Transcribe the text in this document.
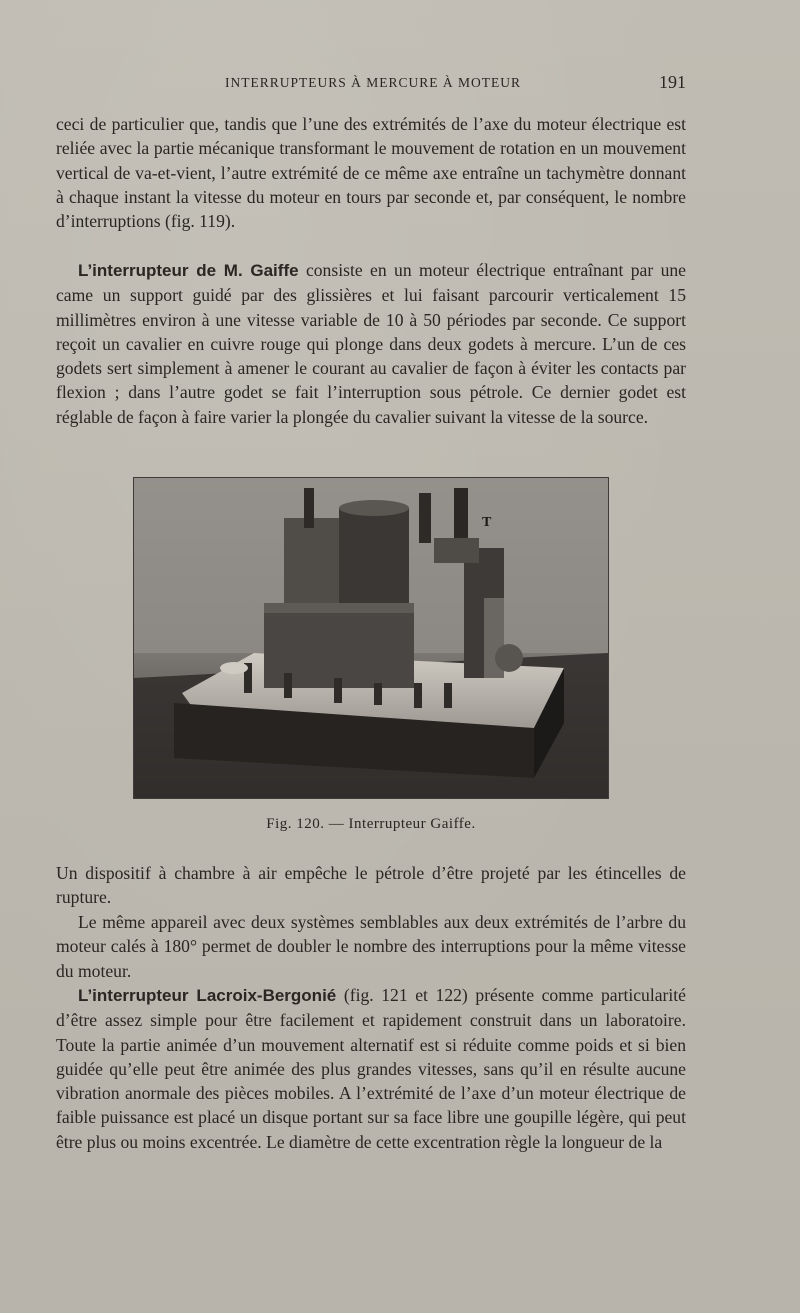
INTERRUPTEURS À MERCURE À MOTEUR	191

ceci de particulier que, tandis que l’une des extrémités de l’axe du moteur électrique est reliée avec la partie mécanique transformant le mouvement de rotation en un mouvement vertical de va-et-vient, l’autre extrémité de ce même axe entraîne un tachymètre donnant à chaque instant la vitesse du moteur en tours par seconde et, par conséquent, le nombre d’interruptions (fig. 119).

L’interrupteur de M. Gaiffe consiste en un moteur électrique entraînant par une came un support guidé par des glissières et lui faisant parcourir verticalement 15 millimètres environ à une vitesse variable de 10 à 50 périodes par seconde. Ce support reçoit un cavalier en cuivre rouge qui plonge dans deux godets à mercure. L’un de ces godets sert simplement à amener le courant au cavalier de façon à éviter les contacts par flexion ; dans l’autre godet se fait l’interruption sous pétrole. Ce dernier godet est réglable de façon à faire varier la plongée du cavalier suivant la vitesse de la source.

T
Fig. 120. — Interrupteur Gaiffe.

Un dispositif à chambre à air empêche le pétrole d’être projeté par les étincelles de rupture.

Le même appareil avec deux systèmes semblables aux deux extrémités de l’arbre du moteur calés à 180° permet de doubler le nombre des interruptions pour la même vitesse du moteur.

L’interrupteur Lacroix-Bergonié (fig. 121 et 122) présente comme particularité d’être assez simple pour être facilement et rapidement construit dans un laboratoire. Toute la partie animée d’un mouvement alternatif est si réduite comme poids et si bien guidée qu’elle peut être animée des plus grandes vitesses, sans qu’il en résulte aucune vibration anormale des pièces mobiles. A l’extrémité de l’axe d’un moteur électrique de faible puissance est placé un disque portant sur sa face libre une goupille légère, qui peut être plus ou moins excentrée. Le diamètre de cette excentration règle la longueur de la
